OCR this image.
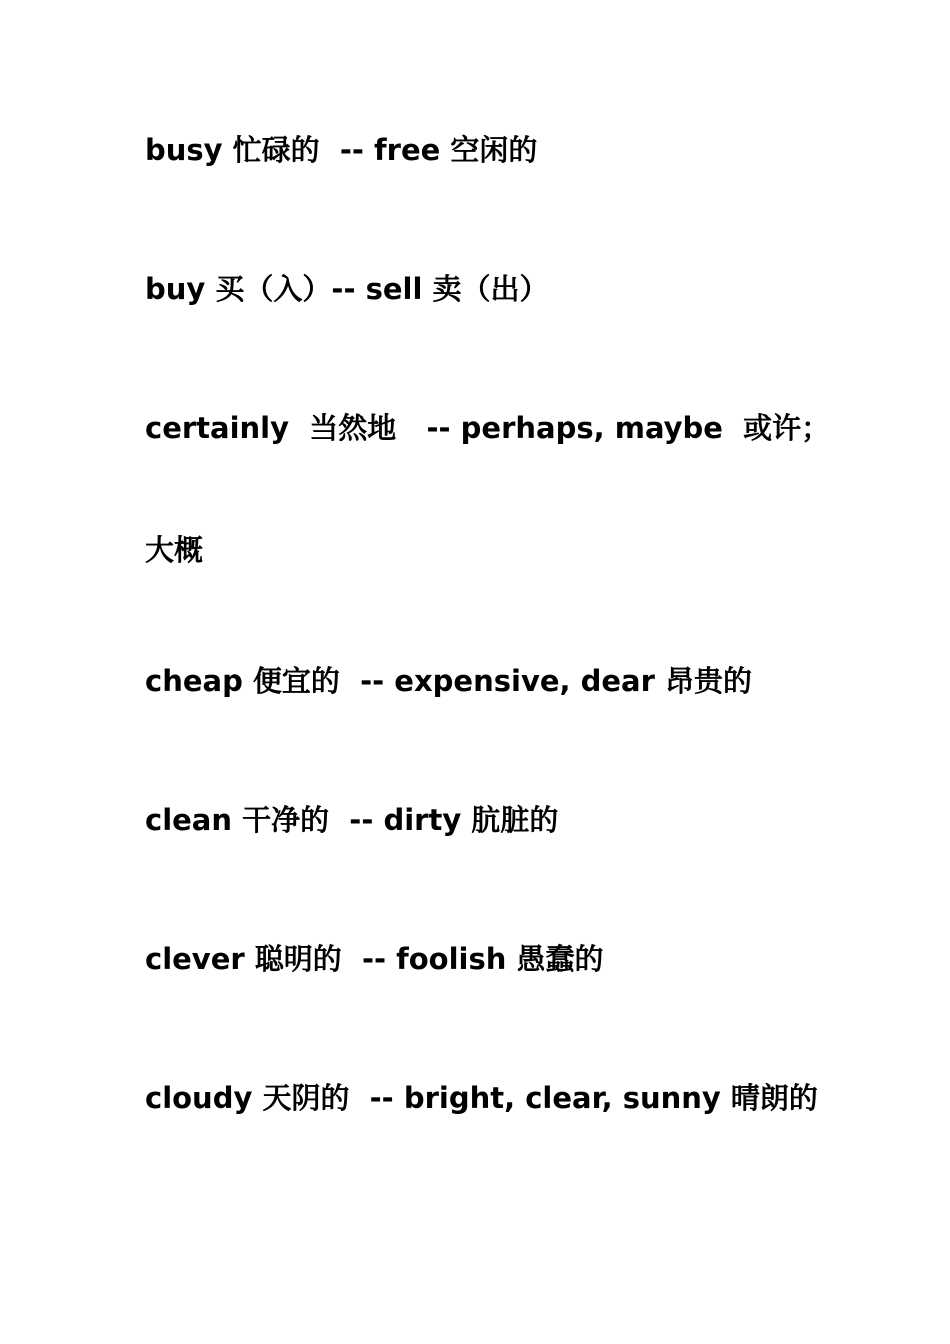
busy 忙碌的  -- free 空闲的
buy 买（入）-- sell 卖（出）
certainly  当然地   -- perhaps, maybe  或许；
大概
cheap 便宜的  -- expensive, dear 昂贵的
clean 干净的  -- dirty 肮脏的
clever 聪明的  -- foolish 愚蠢的
cloudy 天阴的  -- bright, clear, sunny 晴朗的
